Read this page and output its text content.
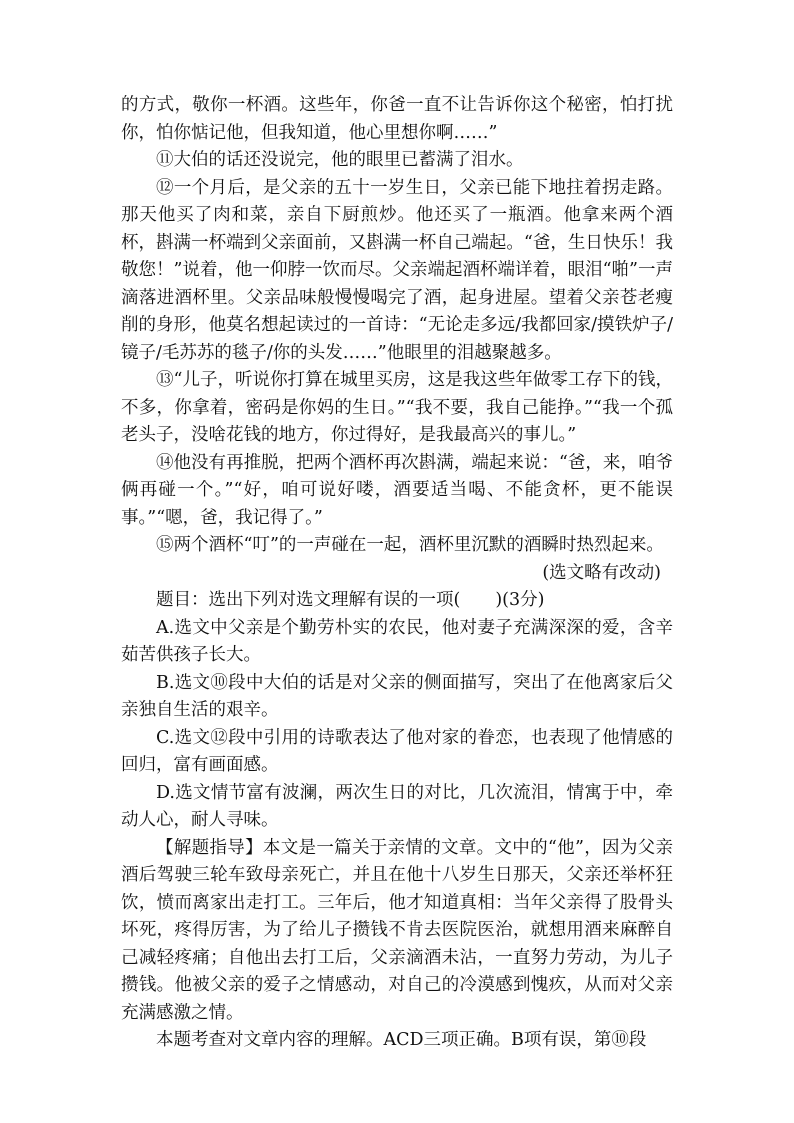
的方式，敬你一杯酒。这些年，你爸一直不让告诉你这个秘密，怕打扰你，怕你惦记他，但我知道，他心里想你啊……”

⑪大伯的话还没说完，他的眼里已蓄满了泪水。

⑫一个月后，是父亲的五十一岁生日，父亲已能下地拄着拐走路。那天他买了肉和菜，亲自下厨煎炒。他还买了一瓶酒。他拿来两个酒杯，斟满一杯端到父亲面前，又斟满一杯自己端起。“爸，生日快乐！我敬您！”说着，他一仰脖一饮而尽。父亲端起酒杯端详着，眼泪“啪”一声滴落进酒杯里。父亲品味般慢慢喝完了酒，起身进屋。望着父亲苍老瘦削的身形，他莫名想起读过的一首诗：“无论走多远/我都回家/摸铁炉子/镜子/毛苏苏的毯子/你的头发……”他眼里的泪越聚越多。

⑬“儿子，听说你打算在城里买房，这是我这些年做零工存下的钱，不多，你拿着，密码是你妈的生日。”“我不要，我自己能挣。”“我一个孤老头子，没啥花钱的地方，你过得好，是我最高兴的事儿。”

⑭他没有再推脱，把两个酒杯再次斟满，端起来说：“爸，来，咱爷俩再碰一个。”“好，咱可说好喽，酒要适当喝、不能贪杯，更不能误事。”“嗯，爸，我记得了。”

⑮两个酒杯“叮”的一声碰在一起，酒杯里沉默的酒瞬时热烈起来。

(选文略有改动)

题目：选出下列对选文理解有误的一项(　　)(3分)

A.选文中父亲是个勤劳朴实的农民，他对妻子充满深深的爱，含辛茹苦供孩子长大。

B.选文⑩段中大伯的话是对父亲的侧面描写，突出了在他离家后父亲独自生活的艰辛。

C.选文⑫段中引用的诗歌表达了他对家的眷恋，也表现了他情感的回归，富有画面感。

D.选文情节富有波澜，两次生日的对比，几次流泪，情寓于中，牵动人心，耐人寻味。

【解题指导】本文是一篇关于亲情的文章。文中的“他”，因为父亲酒后驾驶三轮车致母亲死亡，并且在他十八岁生日那天，父亲还举杯狂饮，愤而离家出走打工。三年后，他才知道真相：当年父亲得了股骨头坏死，疼得厉害，为了给儿子攒钱不肯去医院医治，就想用酒来麻醉自己减轻疼痛；自他出去打工后，父亲滴酒未沾，一直努力劳动，为儿子攒钱。他被父亲的爱子之情感动，对自己的冷漠感到愧疚，从而对父亲充满感激之情。

本题考查对文章内容的理解。ACD三项正确。B项有误，第⑩段
